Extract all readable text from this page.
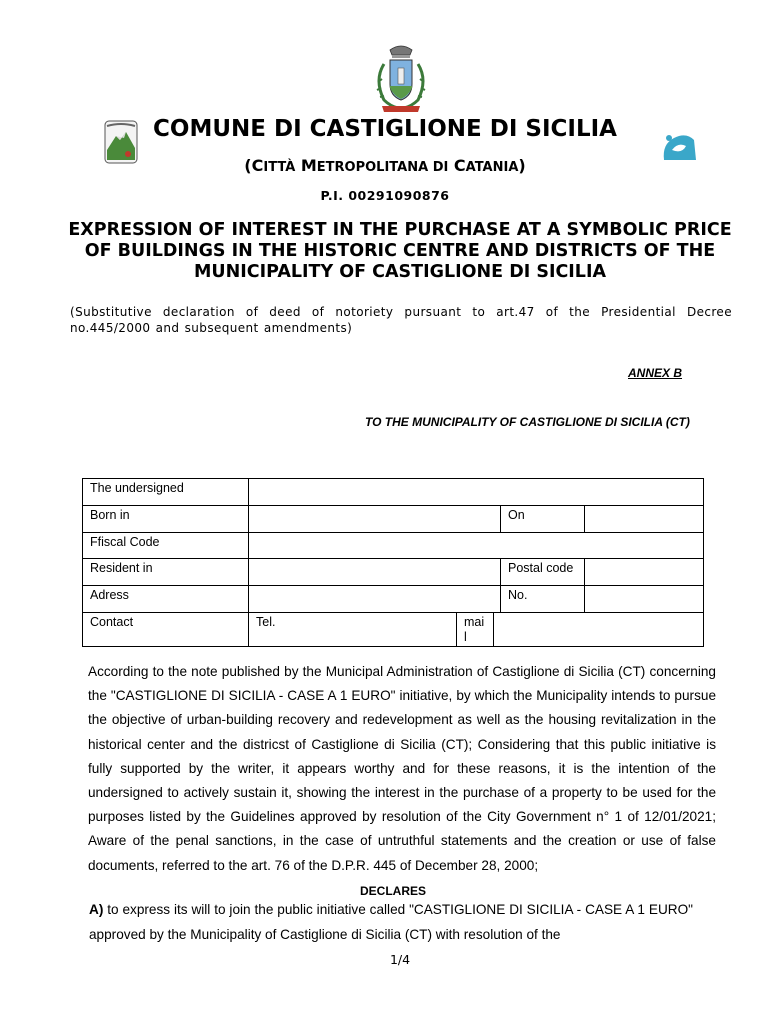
COMUNE DI CASTIGLIONE DI SICILIA
(CITTÀ METROPOLITANA DI CATANIA)
P.I. 00291090876
EXPRESSION OF INTEREST IN THE PURCHASE AT A SYMBOLIC PRICE OF BUILDINGS IN THE HISTORIC CENTRE AND DISTRICTS OF THE MUNICIPALITY OF CASTIGLIONE DI SICILIA
(Substitutive declaration of deed of notoriety pursuant to art.47 of the Presidential Decree no.445/2000 and subsequent amendments)
ANNEX B
TO THE MUNICIPALITY OF CASTIGLIONE DI SICILIA (CT)
The undersigned
Born in	On
Ffiscal Code
Resident in	Postal code
Adress	No.
Contact	Tel.	mai l
According to the note published by the Municipal Administration of Castiglione di Sicilia (CT) concerning the "CASTIGLIONE DI SICILIA - CASE A 1 EURO" initiative, by which the Municipality intends to pursue the objective of urban-building recovery and redevelopment as well as the housing revitalization in the historical center and the districst of Castiglione di Sicilia (CT); Considering that this public initiative is fully supported by the writer, it appears worthy and for these reasons, it is the intention of the undersigned to actively sustain it, showing the interest in the purchase of a property to be used for the purposes listed by the Guidelines approved by resolution of the City Government n° 1 of 12/01/2021; Aware of the penal sanctions, in the case of untruthful statements and the creation or use of false documents, referred to the art. 76 of the D.P.R. 445 of December 28, 2000;
DECLARES
A) to express its will to join the public initiative called "CASTIGLIONE DI SICILIA - CASE A 1 EURO" approved by the Municipality of Castiglione di Sicilia (CT) with resolution of the
1/4
